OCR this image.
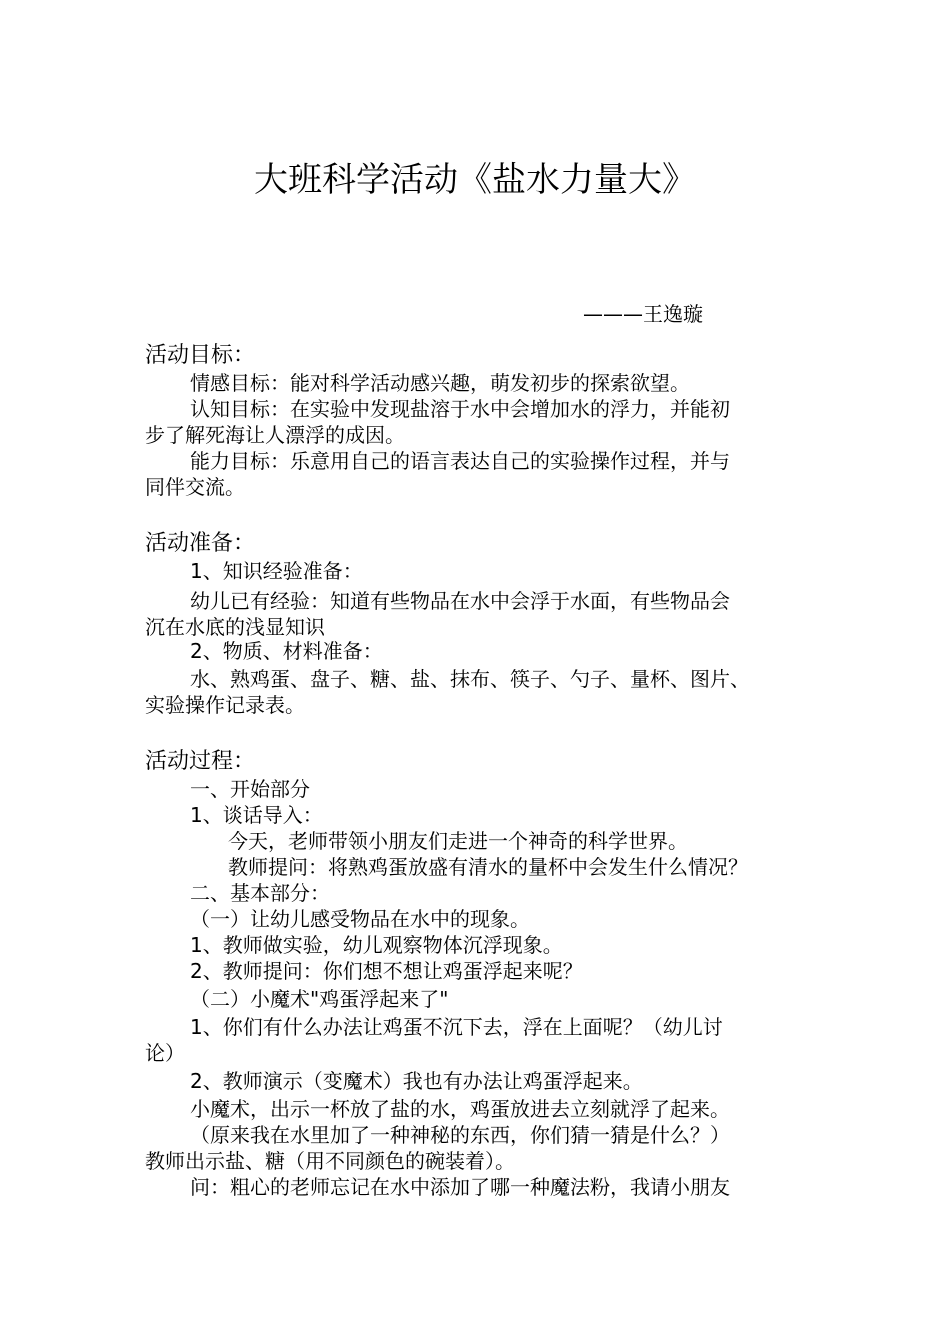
大班科学活动《盐水力量大》
———王逸璇
活动目标：
情感目标：能对科学活动感兴趣，萌发初步的探索欲望。
认知目标：在实验中发现盐溶于水中会增加水的浮力，并能初
步了解死海让人漂浮的成因。
能力目标：乐意用自己的语言表达自己的实验操作过程，并与
同伴交流。
活动准备：
1、知识经验准备：
幼儿已有经验：知道有些物品在水中会浮于水面，有些物品会
沉在水底的浅显知识
2、物质、材料准备：
水、熟鸡蛋、盘子、糖、盐、抹布、筷子、勺子、量杯、图片、
实验操作记录表。
活动过程：
一、开始部分
1、谈话导入：
今天，老师带领小朋友们走进一个神奇的科学世界。
教师提问：将熟鸡蛋放盛有清水的量杯中会发生什么情况？
二、基本部分：
（一）让幼儿感受物品在水中的现象。
1、教师做实验，幼儿观察物体沉浮现象。
2、教师提问：你们想不想让鸡蛋浮起来呢？
（二）小魔术"鸡蛋浮起来了"
1、你们有什么办法让鸡蛋不沉下去，浮在上面呢？（幼儿讨
论）
2、教师演示（变魔术）我也有办法让鸡蛋浮起来。
小魔术，出示一杯放了盐的水，鸡蛋放进去立刻就浮了起来。
（原来我在水里加了一种神秘的东西，你们猜一猜是什么？）
教师出示盐、糖（用不同颜色的碗装着）。
问：粗心的老师忘记在水中添加了哪一种魔法粉，我请小朋友
